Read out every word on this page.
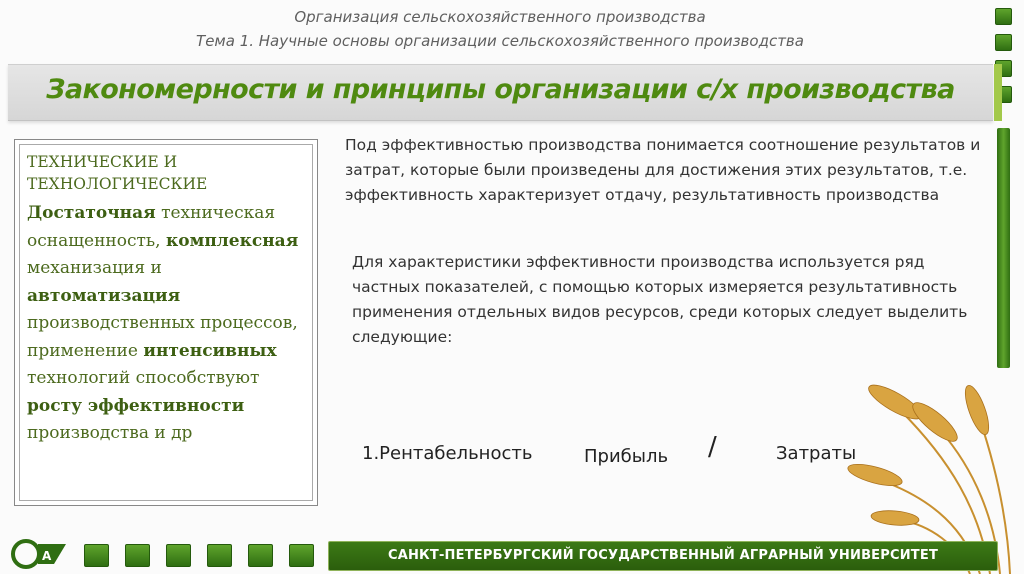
Организация сельскохозяйственного производства
Тема 1. Научные основы организации сельскохозяйственного производства
Закономерности и принципы организации с/х производства
ТЕХНИЧЕСКИЕ И
ТЕХНОЛОГИЧЕСКИЕ
Достаточная техническая оснащенность, комплексная механизация и автоматизация производственных процессов, применение интенсивных технологий способствуют росту эффективности производства и др
Под эффективностью производства понимается соотношение результатов и затрат, которые были произведены для достижения этих результатов, т.е. эффективность характеризует отдачу, результативность производства
Для характеристики эффективности производства используется ряд частных показателей, с помощью которых измеряется результативность применения отдельных видов ресурсов, среди которых следует выделить следующие:
1.Рентабельность	Прибыль /	Затраты
А	САНКТ-ПЕТЕРБУРГСКИЙ ГОСУДАРСТВЕННЫЙ АГРАРНЫЙ УНИВЕРСИТЕТ
